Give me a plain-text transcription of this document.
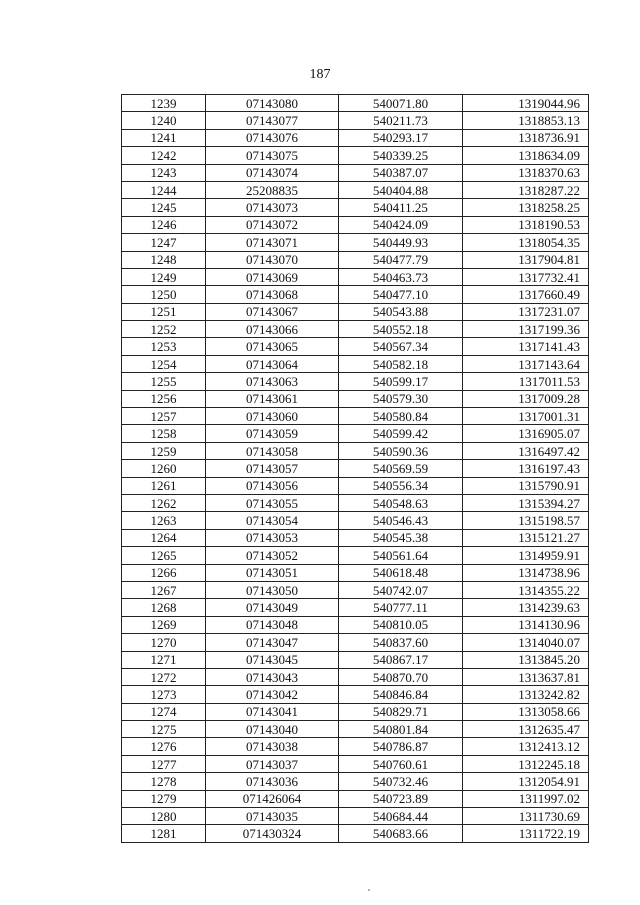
187
1239	07143080	540071.80	1319044.96
1240	07143077	540211.73	1318853.13
1241	07143076	540293.17	1318736.91
1242	07143075	540339.25	1318634.09
1243	07143074	540387.07	1318370.63
1244	25208835	540404.88	1318287.22
1245	07143073	540411.25	1318258.25
1246	07143072	540424.09	1318190.53
1247	07143071	540449.93	1318054.35
1248	07143070	540477.79	1317904.81
1249	07143069	540463.73	1317732.41
1250	07143068	540477.10	1317660.49
1251	07143067	540543.88	1317231.07
1252	07143066	540552.18	1317199.36
1253	07143065	540567.34	1317141.43
1254	07143064	540582.18	1317143.64
1255	07143063	540599.17	1317011.53
1256	07143061	540579.30	1317009.28
1257	07143060	540580.84	1317001.31
1258	07143059	540599.42	1316905.07
1259	07143058	540590.36	1316497.42
1260	07143057	540569.59	1316197.43
1261	07143056	540556.34	1315790.91
1262	07143055	540548.63	1315394.27
1263	07143054	540546.43	1315198.57
1264	07143053	540545.38	1315121.27
1265	07143052	540561.64	1314959.91
1266	07143051	540618.48	1314738.96
1267	07143050	540742.07	1314355.22
1268	07143049	540777.11	1314239.63
1269	07143048	540810.05	1314130.96
1270	07143047	540837.60	1314040.07
1271	07143045	540867.17	1313845.20
1272	07143043	540870.70	1313637.81
1273	07143042	540846.84	1313242.82
1274	07143041	540829.71	1313058.66
1275	07143040	540801.84	1312635.47
1276	07143038	540786.87	1312413.12
1277	07143037	540760.61	1312245.18
1278	07143036	540732.46	1312054.91
1279	071426064	540723.89	1311997.02
1280	07143035	540684.44	1311730.69
1281	071430324	540683.66	1311722.19
